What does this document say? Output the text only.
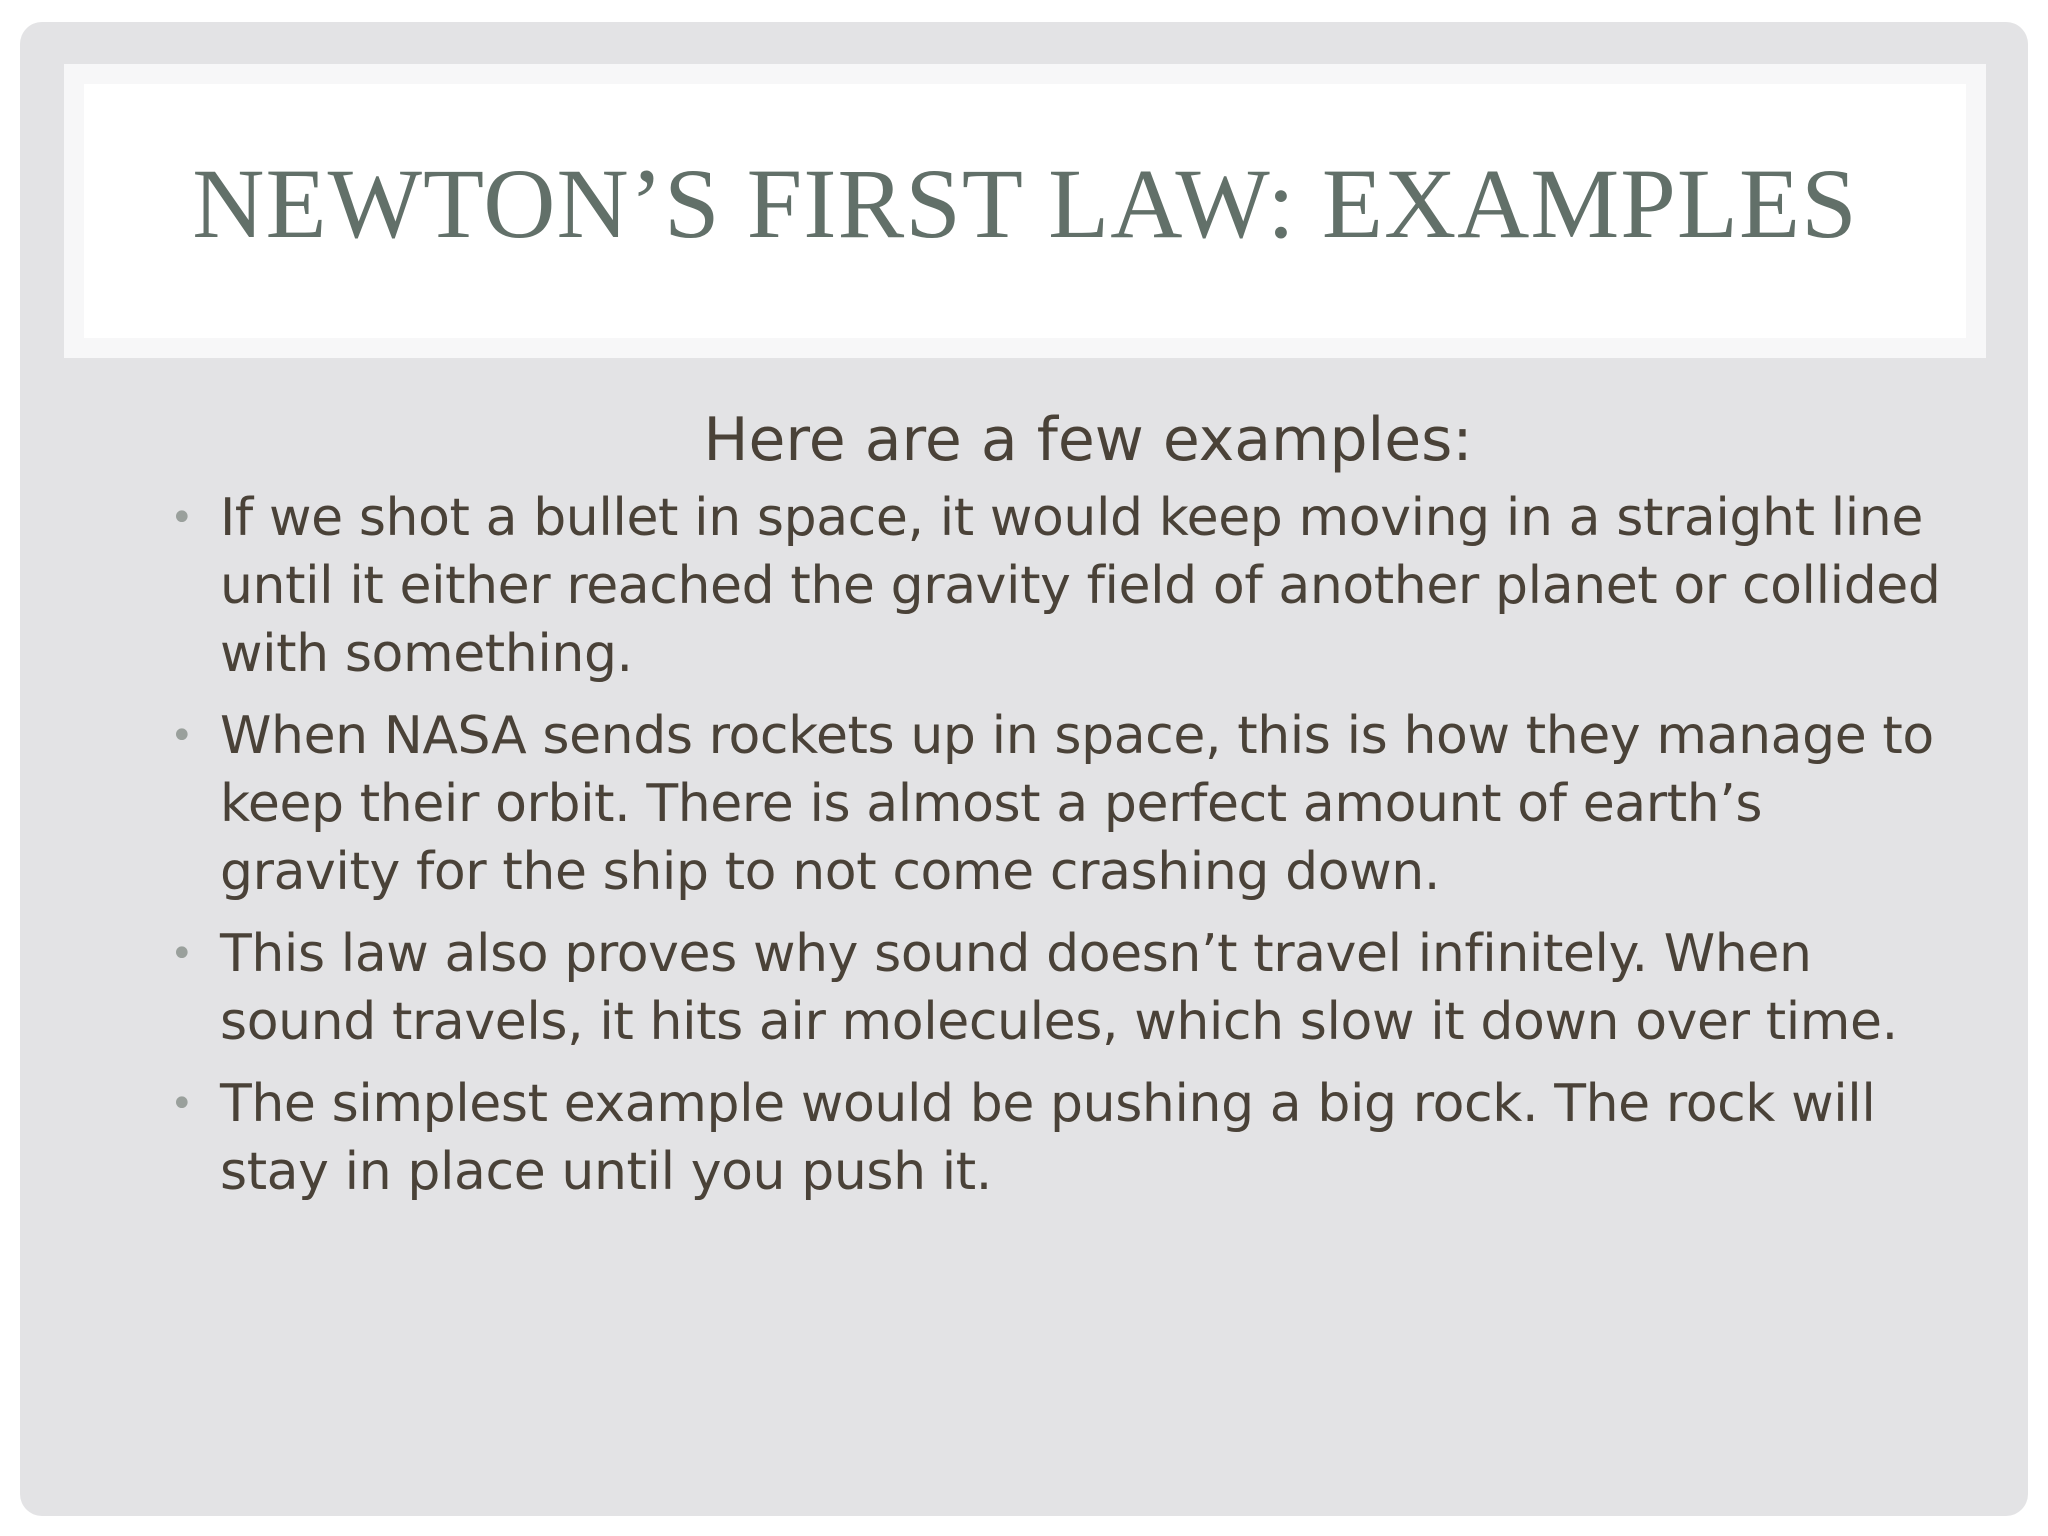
NEWTON’S FIRST LAW: EXAMPLES

Here are a few examples:

• If we shot a bullet in space, it would keep moving in a straight line until it either reached the gravity field of another planet or collided with something.
• When NASA sends rockets up in space, this is how they manage to keep their orbit. There is almost a perfect amount of earth’s gravity for the ship to not come crashing down.
• This law also proves why sound doesn’t travel infinitely. When sound travels, it hits air molecules, which slow it down over time.
• The simplest example would be pushing a big rock. The rock will stay in place until you push it.
